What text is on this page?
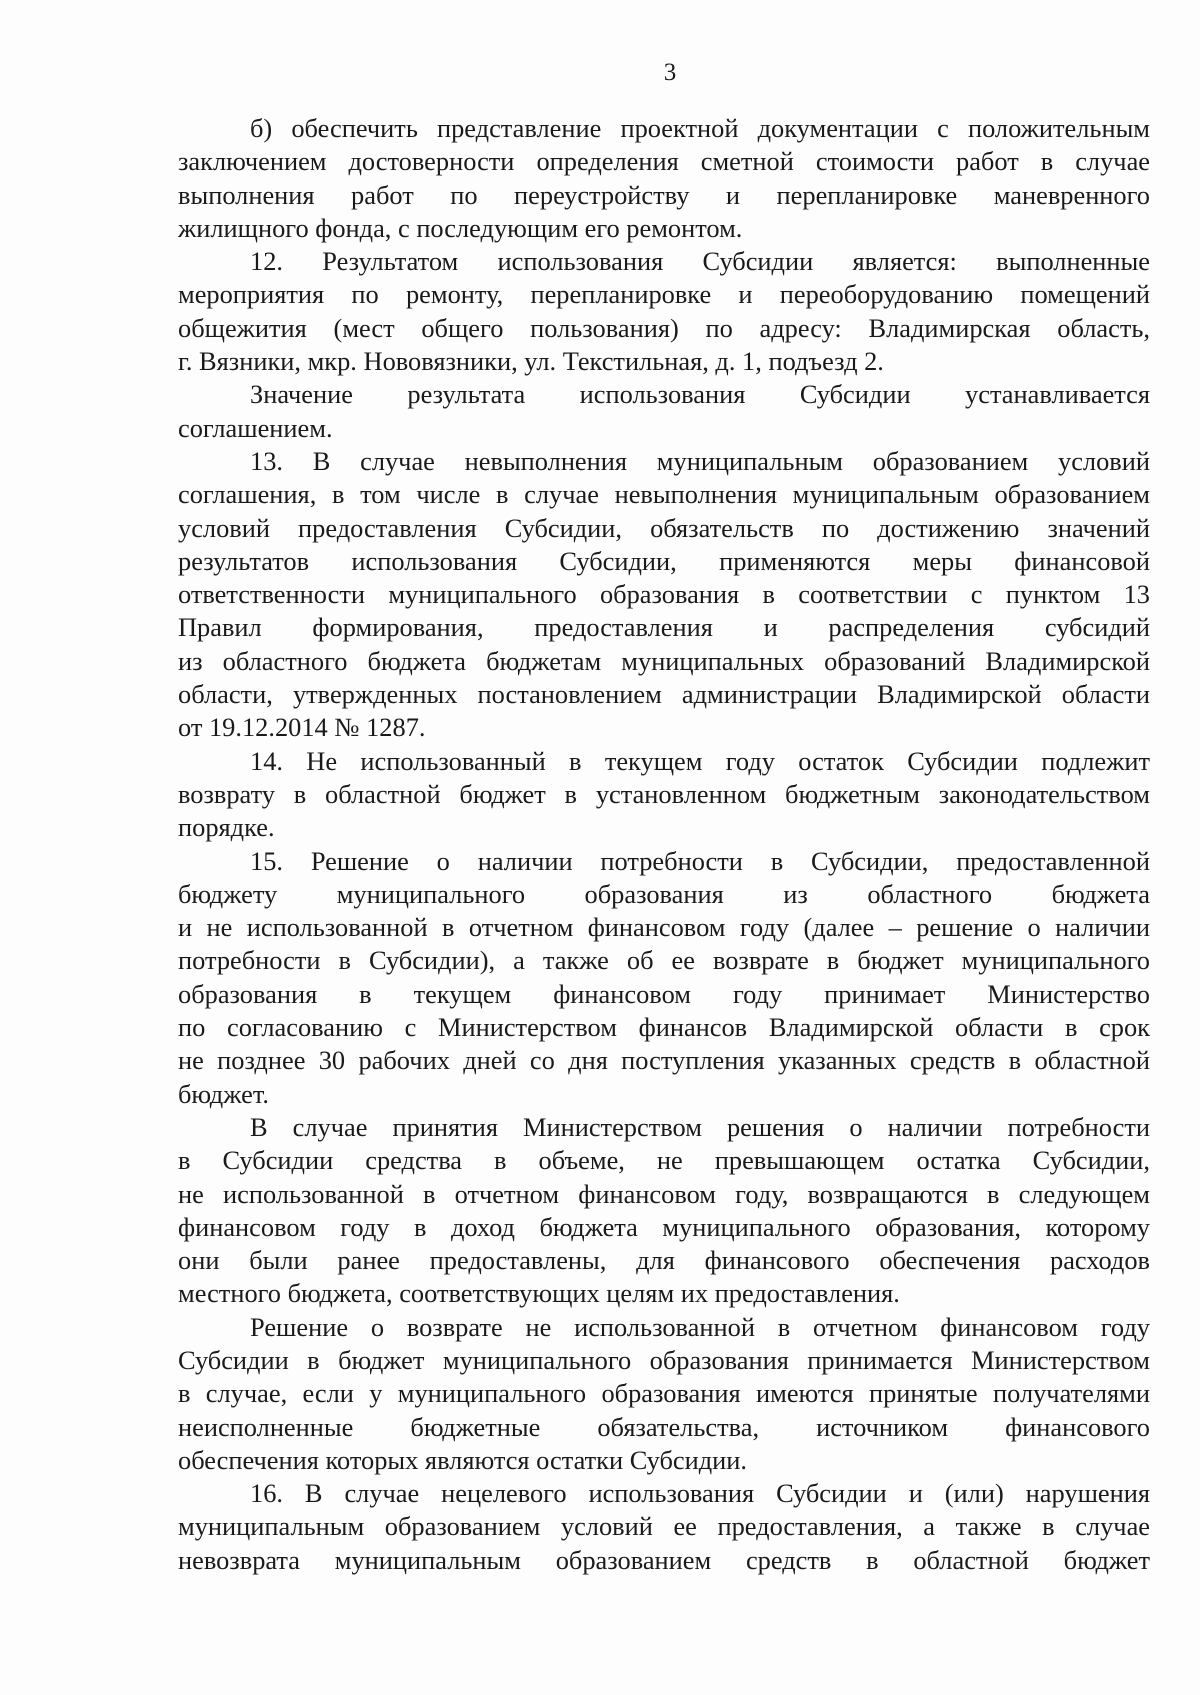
3
б) обеспечить представление проектной документации с положительным
заключением достоверности определения сметной стоимости работ в случае
выполнения работ по переустройству и перепланировке маневренного
жилищного фонда, с последующим его ремонтом.
12. Результатом использования Субсидии является: выполненные
мероприятия по ремонту, перепланировке и переоборудованию помещений
общежития (мест общего пользования) по адресу: Владимирская область,
г. Вязники, мкр. Нововязники, ул. Текстильная, д. 1, подъезд 2.
Значение результата использования Субсидии устанавливается
соглашением.
13. В случае невыполнения муниципальным образованием условий
соглашения, в том числе в случае невыполнения муниципальным образованием
условий предоставления Субсидии, обязательств по достижению значений
результатов использования Субсидии, применяются меры финансовой
ответственности муниципального образования в соответствии с пунктом 13
Правил формирования, предоставления и распределения субсидий
из областного бюджета бюджетам муниципальных образований Владимирской
области, утвержденных постановлением администрации Владимирской области
от 19.12.2014 № 1287.
14. Не использованный в текущем году остаток Субсидии подлежит
возврату в областной бюджет в установленном бюджетным законодательством
порядке.
15. Решение о наличии потребности в Субсидии, предоставленной
бюджету муниципального образования из областного бюджета
и не использованной в отчетном финансовом году (далее – решение о наличии
потребности в Субсидии), а также об ее возврате в бюджет муниципального
образования в текущем финансовом году принимает Министерство
по согласованию с Министерством финансов Владимирской области в срок
не позднее 30 рабочих дней со дня поступления указанных средств в областной
бюджет.
В случае принятия Министерством решения о наличии потребности
в Субсидии средства в объеме, не превышающем остатка Субсидии,
не использованной в отчетном финансовом году, возвращаются в следующем
финансовом году в доход бюджета муниципального образования, которому
они были ранее предоставлены, для финансового обеспечения расходов
местного бюджета, соответствующих целям их предоставления.
Решение о возврате не использованной в отчетном финансовом году
Субсидии в бюджет муниципального образования принимается Министерством
в случае, если у муниципального образования имеются принятые получателями
неисполненные бюджетные обязательства, источником финансового
обеспечения которых являются остатки Субсидии.
16. В случае нецелевого использования Субсидии и (или) нарушения
муниципальным образованием условий ее предоставления, а также в случае
невозврата муниципальным образованием средств в областной бюджет
